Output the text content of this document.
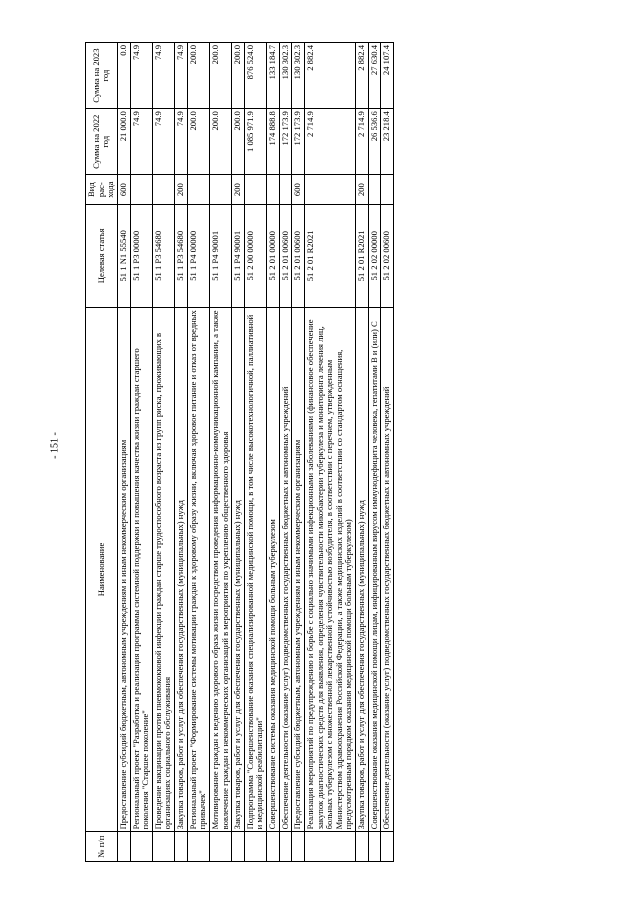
- 151 -
№ п/п	Наименование	Целевая статья	Вид рас- хода	Сумма на 2022 год	Сумма на 2023 год
	Предоставление субсидий бюджетным, автономным учреждениям и иным некоммерческим организациям	51 1 N1 55540	600	21 000.0	0.0
	Региональный проект "Разработка и реализация программы системной поддержки и повышения качества жизни граждан старшего поколения "Старшее поколение"	51 1 P3 00000		74.9	74.9
	Проведение вакцинации против пневмококковой инфекции граждан старше трудоспособного возраста из групп риска, проживающих в организациях социального обслуживания	51 1 P3 54680		74.9	74.9
	Закупка товаров, работ и услуг для обеспечения государственных (муниципальных) нужд	51 1 P3 54680	200	74.9	74.9
	Региональный проект "Формирование системы мотивации граждан к здоровому образу жизни, включая здоровое питание и отказ от вредных привычек"	51 1 P4 00000		200.0	200.0
	Мотивирование граждан к ведению здорового образа жизни посредством проведения информационно-коммуникационной кампании, а также вовлечение граждан и некоммерческих организаций в мероприятия по укреплению общественного здоровья	51 1 P4 90001		200.0	200.0
	Закупка товаров, работ и услуг для обеспечения государственных (муниципальных) нужд	51 1 P4 90001	200	200.0	200.0
	Подпрограмма "Совершенствование оказания специализированной медицинской помощи, в том числе высокотехнологичной, паллиативной и медицинской реабилитации"	51 2 00 00000		1 085 971.9	876 524.0
	Совершенствование системы оказания медицинской помощи больным туберкулезом	51 2 01 00000		174 888.8	133 184.7
	Обеспечение деятельности (оказание услуг) подведомственных государственных бюджетных и автономных учреждений	51 2 01 00600		172 173.9	130 302.3
	Предоставление субсидий бюджетным, автономным учреждениям и иным некоммерческим организациям	51 2 01 00600	600	172 173.9	130 302.3
	Реализация мероприятий по предупреждению и борьбе с социально значимыми инфекционными заболеваниями (финансовое обеспечение закупок диагностических средств для выявления, определения чувствительности микобактерии туберкулеза и мониторинга лечения лиц, больных туберкулезом с множественной лекарственной устойчивостью возбудителя, в соответствии с перечнем, утвержденным Министерством здравоохранения Российской Федерации, а также медицинских изделий в соответствии со стандартом оснащения, предусмотренным порядком оказания медицинской помощи больным туберкулезом)	51 2 01 R2021		2 714.9	2 882.4
	Закупка товаров, работ и услуг для обеспечения государственных (муниципальных) нужд	51 2 01 R2021	200	2 714.9	2 882.4
	Совершенствование оказания медицинской помощи лицам, инфицированным вирусом иммунодефицита человека, гепатитами B и (или) C	51 2 02 00000		26 536.6	27 630.4
	Обеспечение деятельности (оказание услуг) подведомственных государственных бюджетных и автономных учреждений	51 2 02 00600		23 218.4	24 107.4
